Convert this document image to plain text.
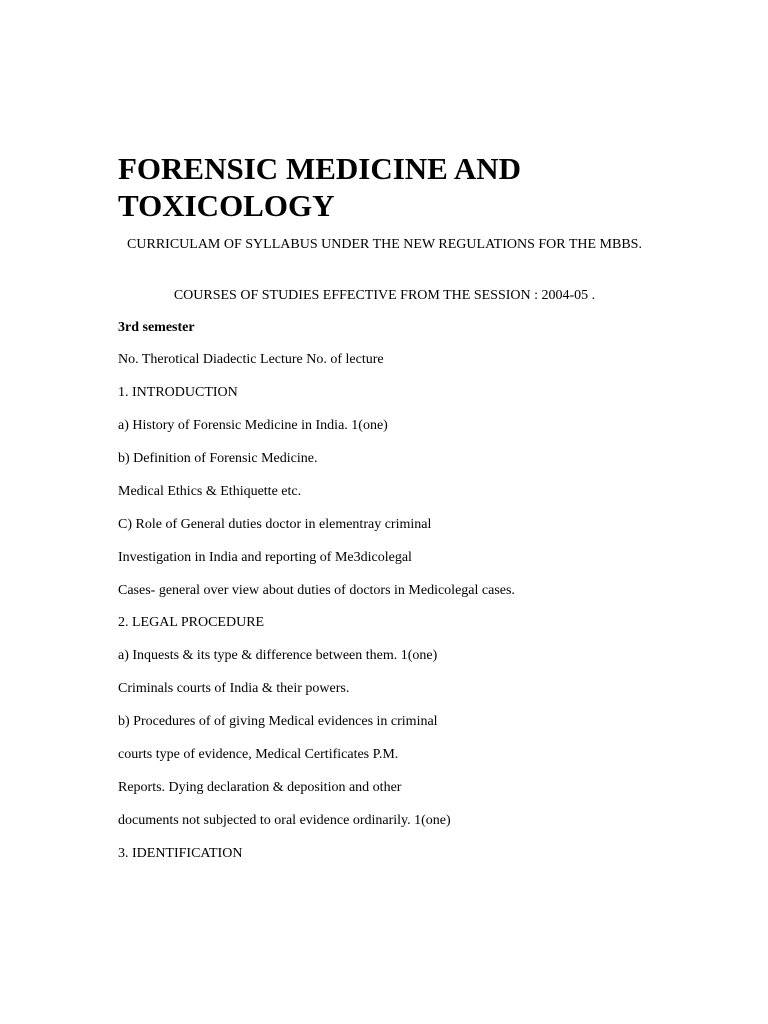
FORENSIC MEDICINE AND
TOXICOLOGY

CURRICULAM OF SYLLABUS UNDER THE NEW REGULATIONS FOR THE MBBS.

COURSES OF STUDIES EFFECTIVE FROM THE SESSION : 2004-05 .

3rd semester

No. Therotical Diadectic Lecture No. of lecture

1. INTRODUCTION

a) History of Forensic Medicine in India. 1(one)

b) Definition of Forensic Medicine.

Medical Ethics & Ethiquette etc.

C) Role of General duties doctor in elementray criminal

Investigation in India and reporting of Me3dicolegal

Cases- general over view about duties of doctors in Medicolegal cases.

2. LEGAL PROCEDURE

a) Inquests & its type & difference between them. 1(one)

Criminals courts of India & their powers.

b) Procedures of of giving Medical evidences in criminal

courts type of evidence, Medical Certificates P.M.

Reports. Dying declaration & deposition and other

documents not subjected to oral evidence ordinarily. 1(one)

3. IDENTIFICATION
